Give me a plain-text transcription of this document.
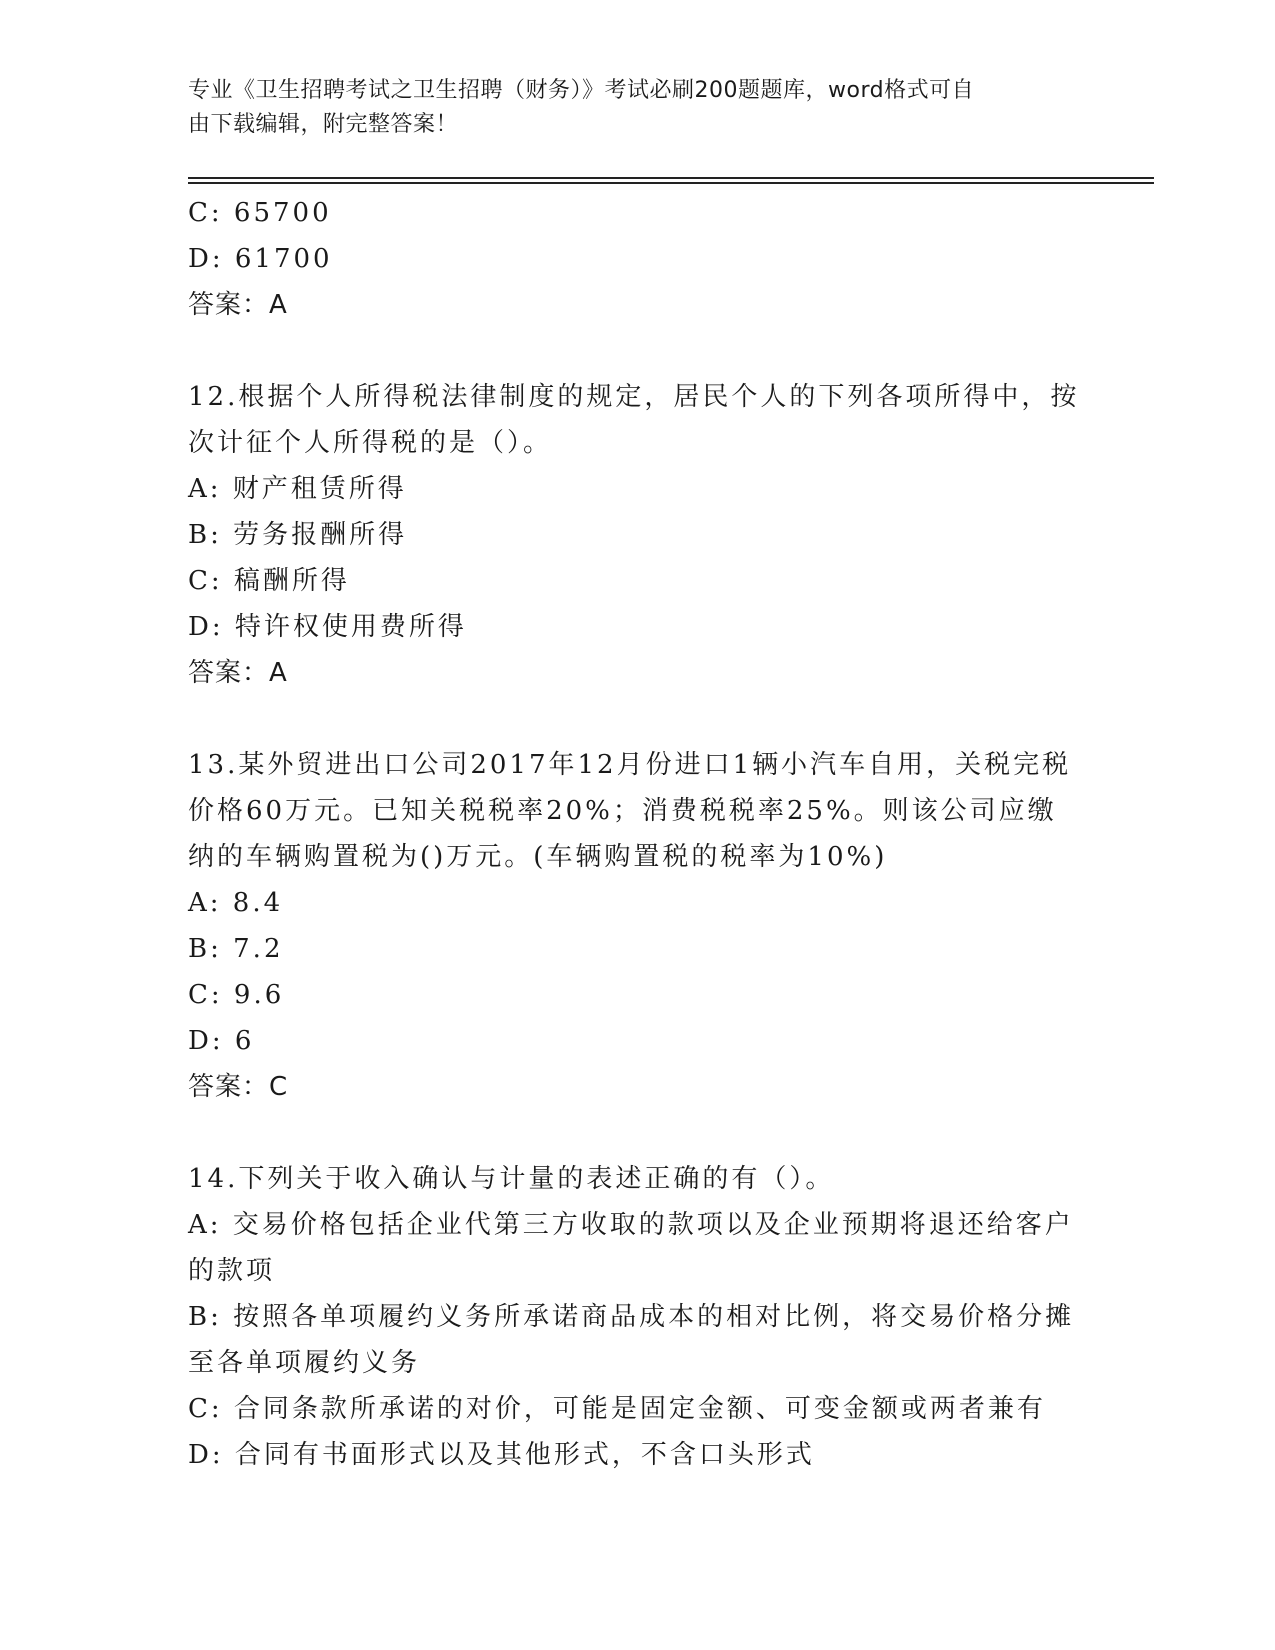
专业《卫生招聘考试之卫生招聘（财务）》考试必刷200题题库，word格式可自
由下载编辑，附完整答案！
C: 65700
D: 61700
答案：A
12.根据个人所得税法律制度的规定，居民个人的下列各项所得中，按
次计征个人所得税的是（）。
A: 财产租赁所得
B: 劳务报酬所得
C: 稿酬所得
D: 特许权使用费所得
答案：A
13.某外贸进出口公司2017年12月份进口1辆小汽车自用，关税完税
价格60万元。已知关税税率20%；消费税税率25%。则该公司应缴
纳的车辆购置税为()万元。(车辆购置税的税率为10%)
A: 8.4
B: 7.2
C: 9.6
D: 6
答案：C
14.下列关于收入确认与计量的表述正确的有（）。
A: 交易价格包括企业代第三方收取的款项以及企业预期将退还给客户
的款项
B: 按照各单项履约义务所承诺商品成本的相对比例，将交易价格分摊
至各单项履约义务
C: 合同条款所承诺的对价，可能是固定金额、可变金额或两者兼有
D: 合同有书面形式以及其他形式，不含口头形式
